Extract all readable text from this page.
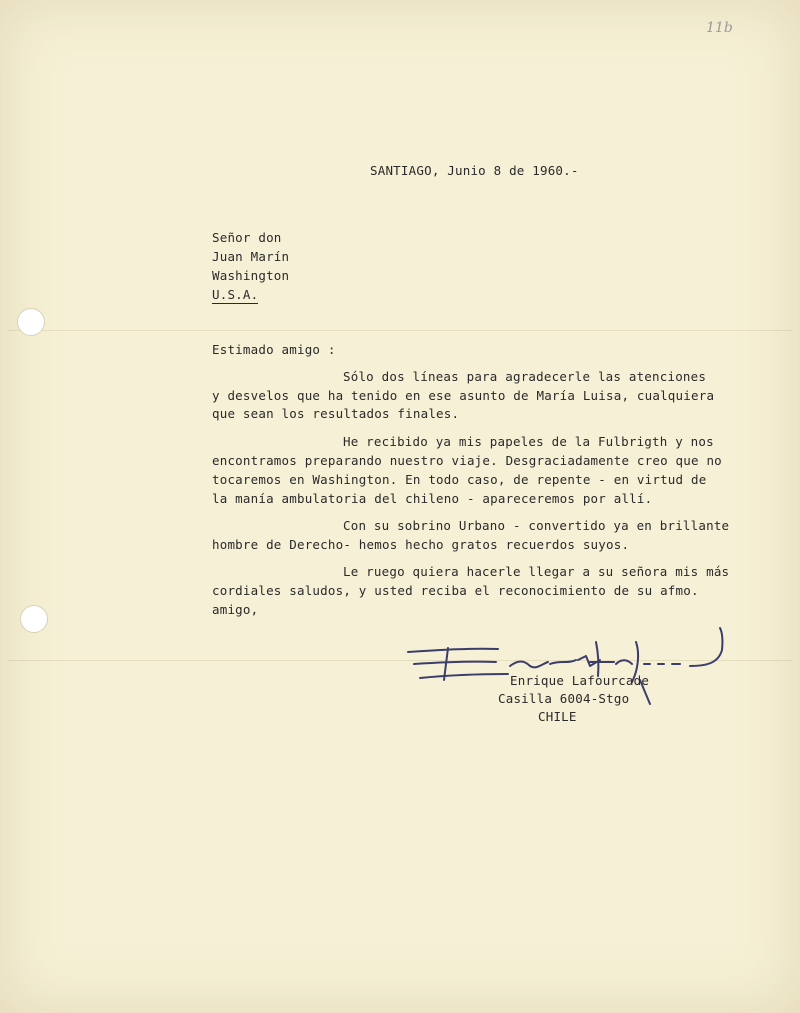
11b
SANTIAGO, Junio 8 de 1960.-
Señor don
Juan Marín
Washington
U.S.A.
Estimado amigo :
Sólo dos líneas para agradecerle las atenciones
y desvelos que ha tenido en ese asunto de María Luisa, cualquiera
que sean los resultados finales.
He recibido ya mis papeles de la Fulbrigth y nos
encontramos preparando nuestro viaje. Desgraciadamente creo que no
tocaremos en Washington. En todo caso, de repente - en virtud de
la manía ambulatoria del chileno - apareceremos por allí.
Con su sobrino Urbano - convertido ya en brillante
hombre de Derecho- hemos hecho gratos recuerdos suyos.
Le ruego quiera hacerle llegar a su señora mis más
cordiales saludos, y usted reciba el reconocimiento de su afmo.
amigo,
Enrique Lafourcade
Casilla 6004-Stgo
CHILE
